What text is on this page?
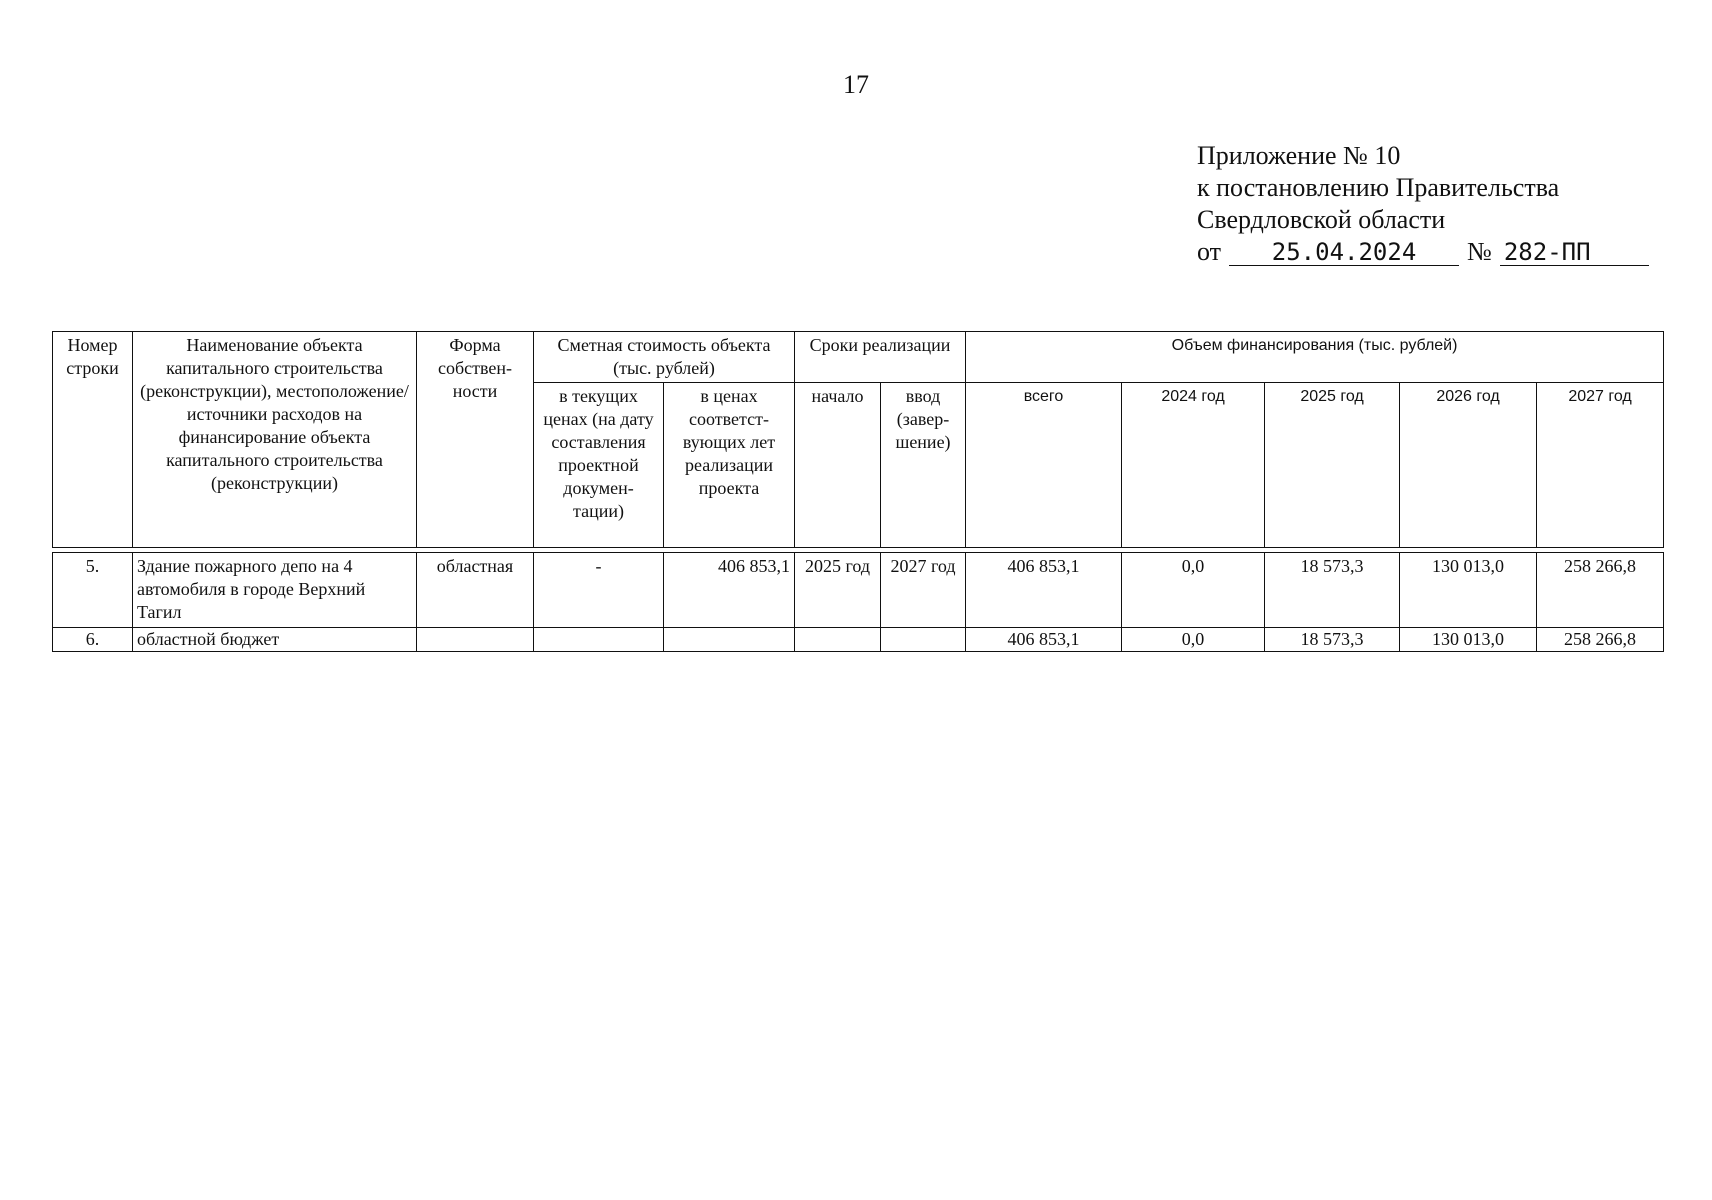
17
Приложение № 10
к постановлению Правительства
Свердловской области
от 25.04.2024 № 282-ПП
Номер строки	Наименование объекта капитального строительства (реконструкции), местоположение/ источники расходов на финансирование объекта капитального строительства (реконструкции)	Форма собствен-ности	Сметная стоимость объекта (тыс. рублей)		Сроки реализации		Объем финансирования (тыс. рублей)				
			в текущих ценах (на дату составления проектной докумен-тации)	в ценах соответст-вующих лет реализации проекта	начало	ввод (завер-шение)	всего	2024 год	2025 год	2026 год	2027 год

5.	Здание пожарного депо на 4 автомобиля в городе Верхний Тагил	областная	-	406 853,1	2025 год	2027 год	406 853,1	0,0	18 573,3	130 013,0	258 266,8
6.	областной бюджет						406 853,1	0,0	18 573,3	130 013,0	258 266,8
